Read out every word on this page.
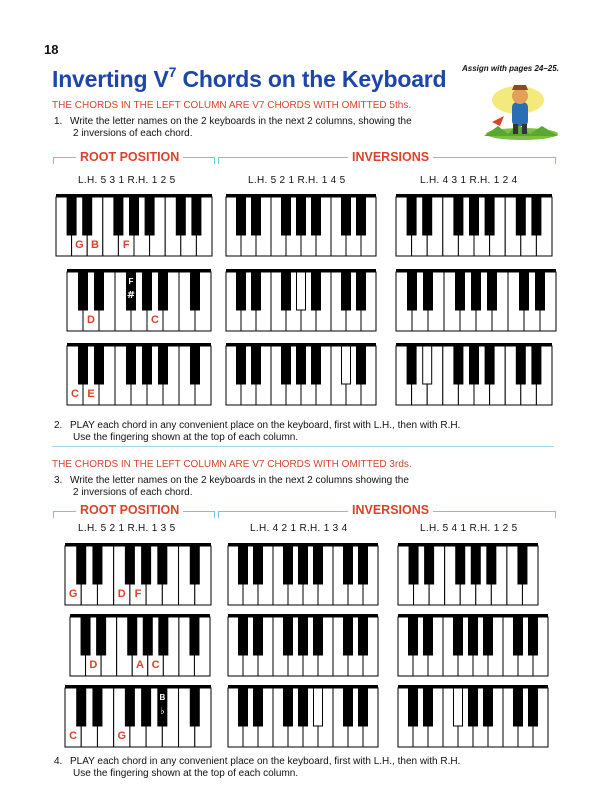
18
Inverting $V^7$ Chords on the Keyboard Assign with pages 24–25.
THE CHORDS IN THE LEFT COLUMN ARE V7 CHORDS WITH OMITTED 5ths.
1. Write the letter names on the 2 keyboards in the next 2 columns, showing the
2 inversions of each chord.
ROOT POSITION	INVERSIONS
L.H. 5 3 1 R.H. 1 2 5	L.H. 5 2 1 R.H. 1 4 5	L.H. 4 3 1 R.H. 1 2 4
2. PLAY each chord in any convenient place on the keyboard, first with L.H., then with R.H.
Use the fingering shown at the top of each column.
THE CHORDS IN THE LEFT COLUMN ARE V7 CHORDS WITH OMITTED 3rds.
3. Write the letter names on the 2 keyboards in the next 2 columns showing the
2 inversions of each chord.
ROOT POSITION	INVERSIONS
L.H. 5 2 1 R.H. 1 3 5	L.H. 4 2 1 R.H. 1 3 4	L.H. 5 4 1 R.H. 1 2 5
4. PLAY each chord in any convenient place on the keyboard, first with L.H., then with R.H.
Use the fingering shown at the top of each column.
G B F
D	C
F
#
C E
G	D F
D	A C
C	G
B
♭
